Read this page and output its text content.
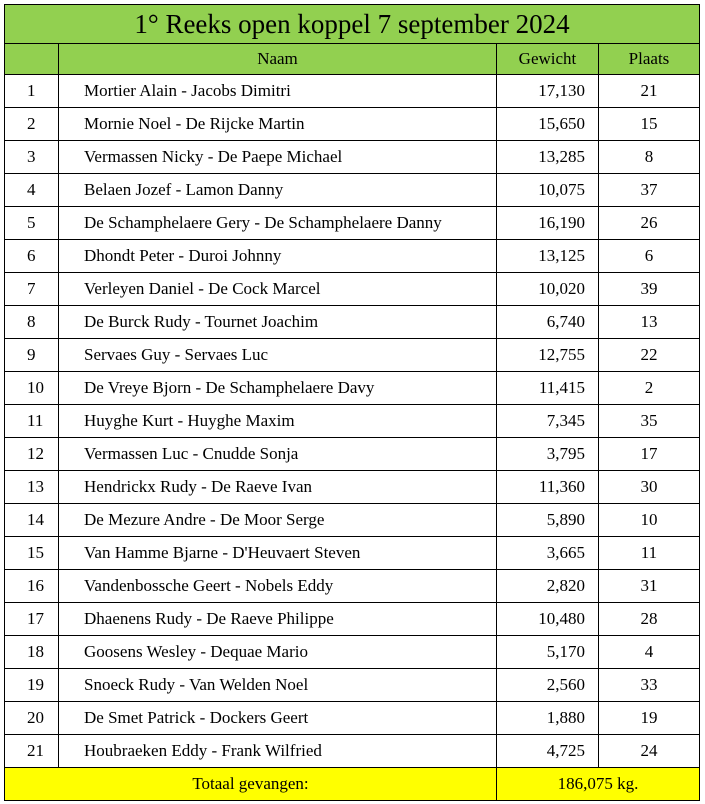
1° Reeks open koppel 7 september 2024			
	Naam	Gewicht	Plaats
1	Mortier Alain - Jacobs Dimitri	17,130	21
2	Mornie Noel - De Rijcke Martin	15,650	15
3	Vermassen Nicky - De Paepe Michael	13,285	8
4	Belaen Jozef - Lamon Danny	10,075	37
5	De Schamphelaere Gery - De Schamphelaere Danny	16,190	26
6	Dhondt Peter - Duroi Johnny	13,125	6
7	Verleyen Daniel - De Cock Marcel	10,020	39
8	De Burck Rudy - Tournet Joachim	6,740	13
9	Servaes Guy - Servaes Luc	12,755	22
10	De Vreye Bjorn - De Schamphelaere Davy	11,415	2
11	Huyghe Kurt - Huyghe Maxim	7,345	35
12	Vermassen Luc - Cnudde Sonja	3,795	17
13	Hendrickx Rudy - De Raeve Ivan	11,360	30
14	De Mezure Andre - De Moor Serge	5,890	10
15	Van Hamme Bjarne - D'Heuvaert Steven	3,665	11
16	Vandenbossche Geert - Nobels Eddy	2,820	31
17	Dhaenens Rudy - De Raeve Philippe	10,480	28
18	Goosens Wesley - Dequae Mario	5,170	4
19	Snoeck Rudy - Van Welden Noel	2,560	33
20	De Smet Patrick - Dockers Geert	1,880	19
21	Houbraeken Eddy - Frank Wilfried	4,725	24
Totaal gevangen:		186,075 kg.	
